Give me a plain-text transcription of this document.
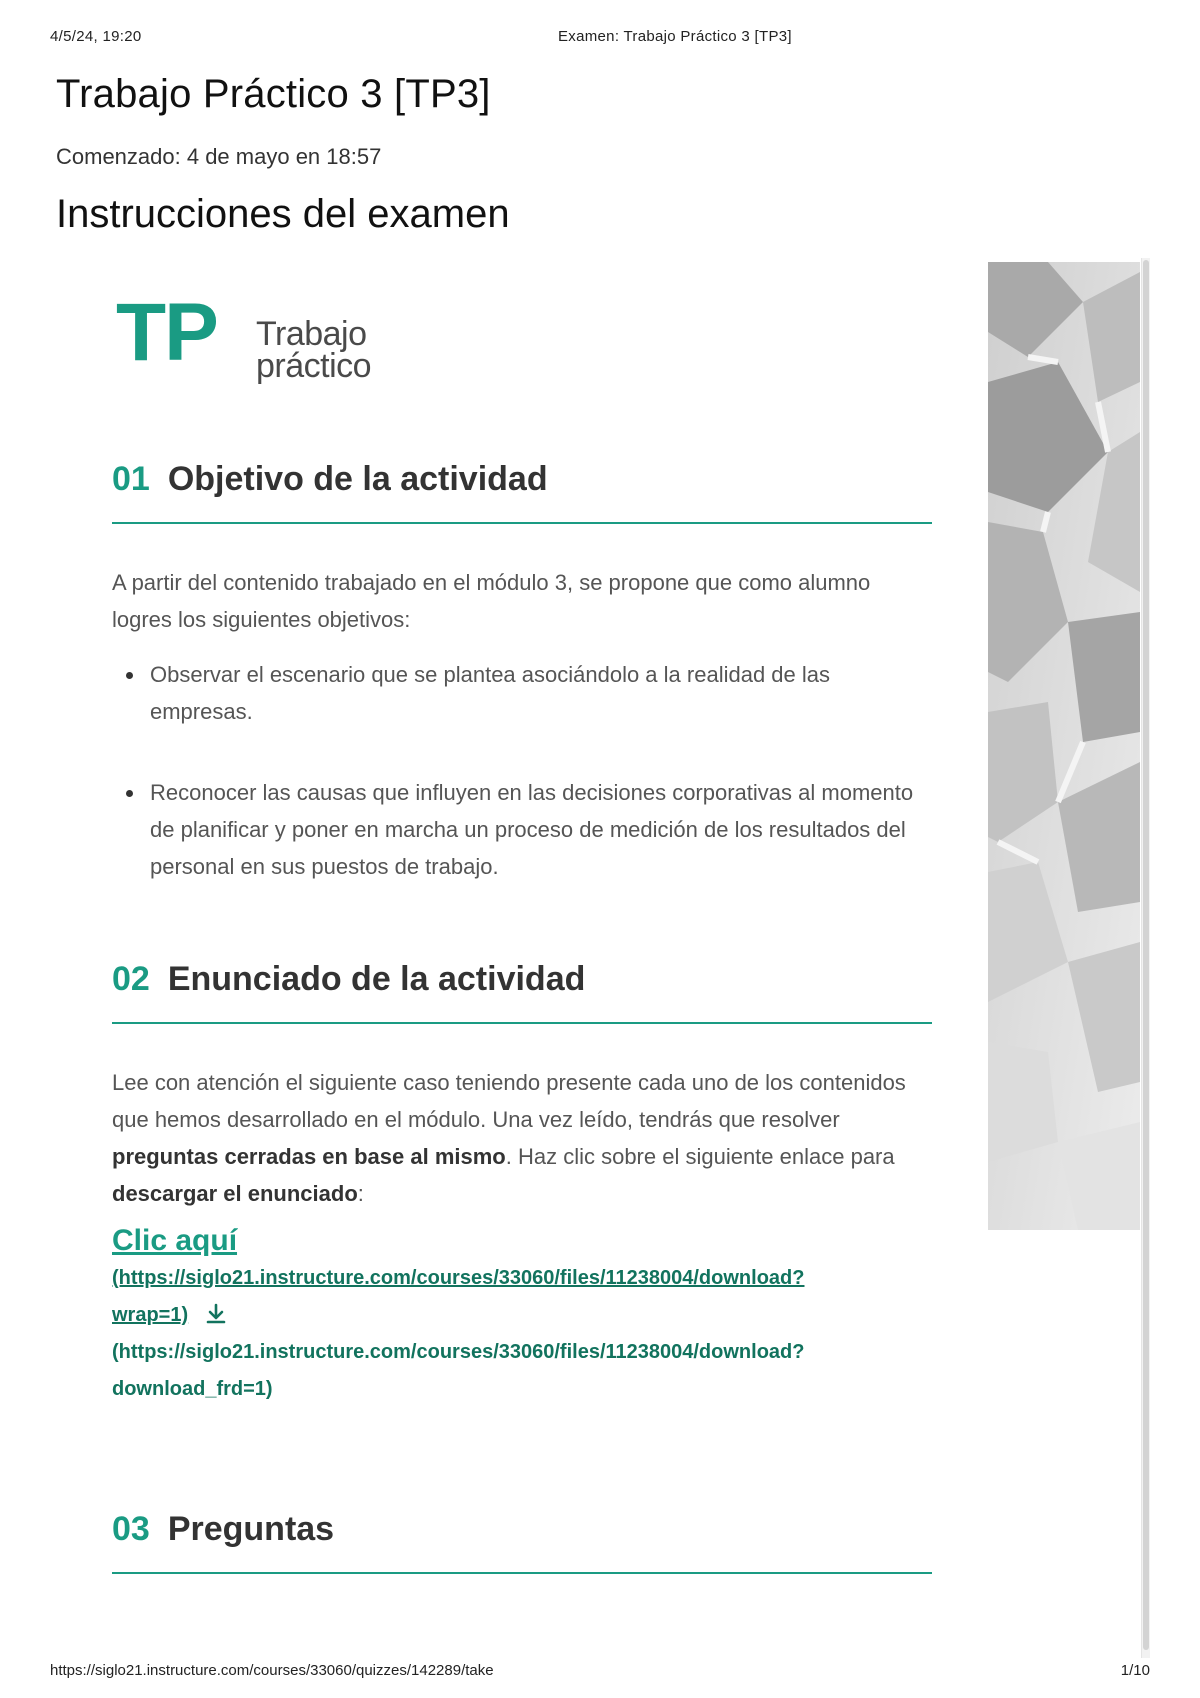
4/5/24, 19:20	Examen: Trabajo Práctico 3 [TP3]
Trabajo Práctico 3 [TP3]
Comenzado: 4 de mayo en 18:57
Instrucciones del examen
TP Trabajo
práctico
01 Objetivo de la actividad

A partir del contenido trabajado en el módulo 3, se propone que como alumno logres los siguientes objetivos:

Observar el escenario que se plantea asociándolo a la realidad de las empresas.
Reconocer las causas que influyen en las decisiones corporativas al momento de planificar y poner en marcha un proceso de medición de los resultados del personal en sus puestos de trabajo.
02 Enunciado de la actividad

Lee con atención el siguiente caso teniendo presente cada uno de los contenidos que hemos desarrollado en el módulo. Una vez leído, tendrás que resolver preguntas cerradas en base al mismo. Haz clic sobre el siguiente enlace para descargar el enunciado:

Clic aquí
(https://siglo21.instructure.com/courses/33060/files/11238004/download?
wrap=1)
(https://siglo21.instructure.com/courses/33060/files/11238004/download?
download_frd=1)
03 Preguntas
https://siglo21.instructure.com/courses/33060/quizzes/142289/take	1/10
